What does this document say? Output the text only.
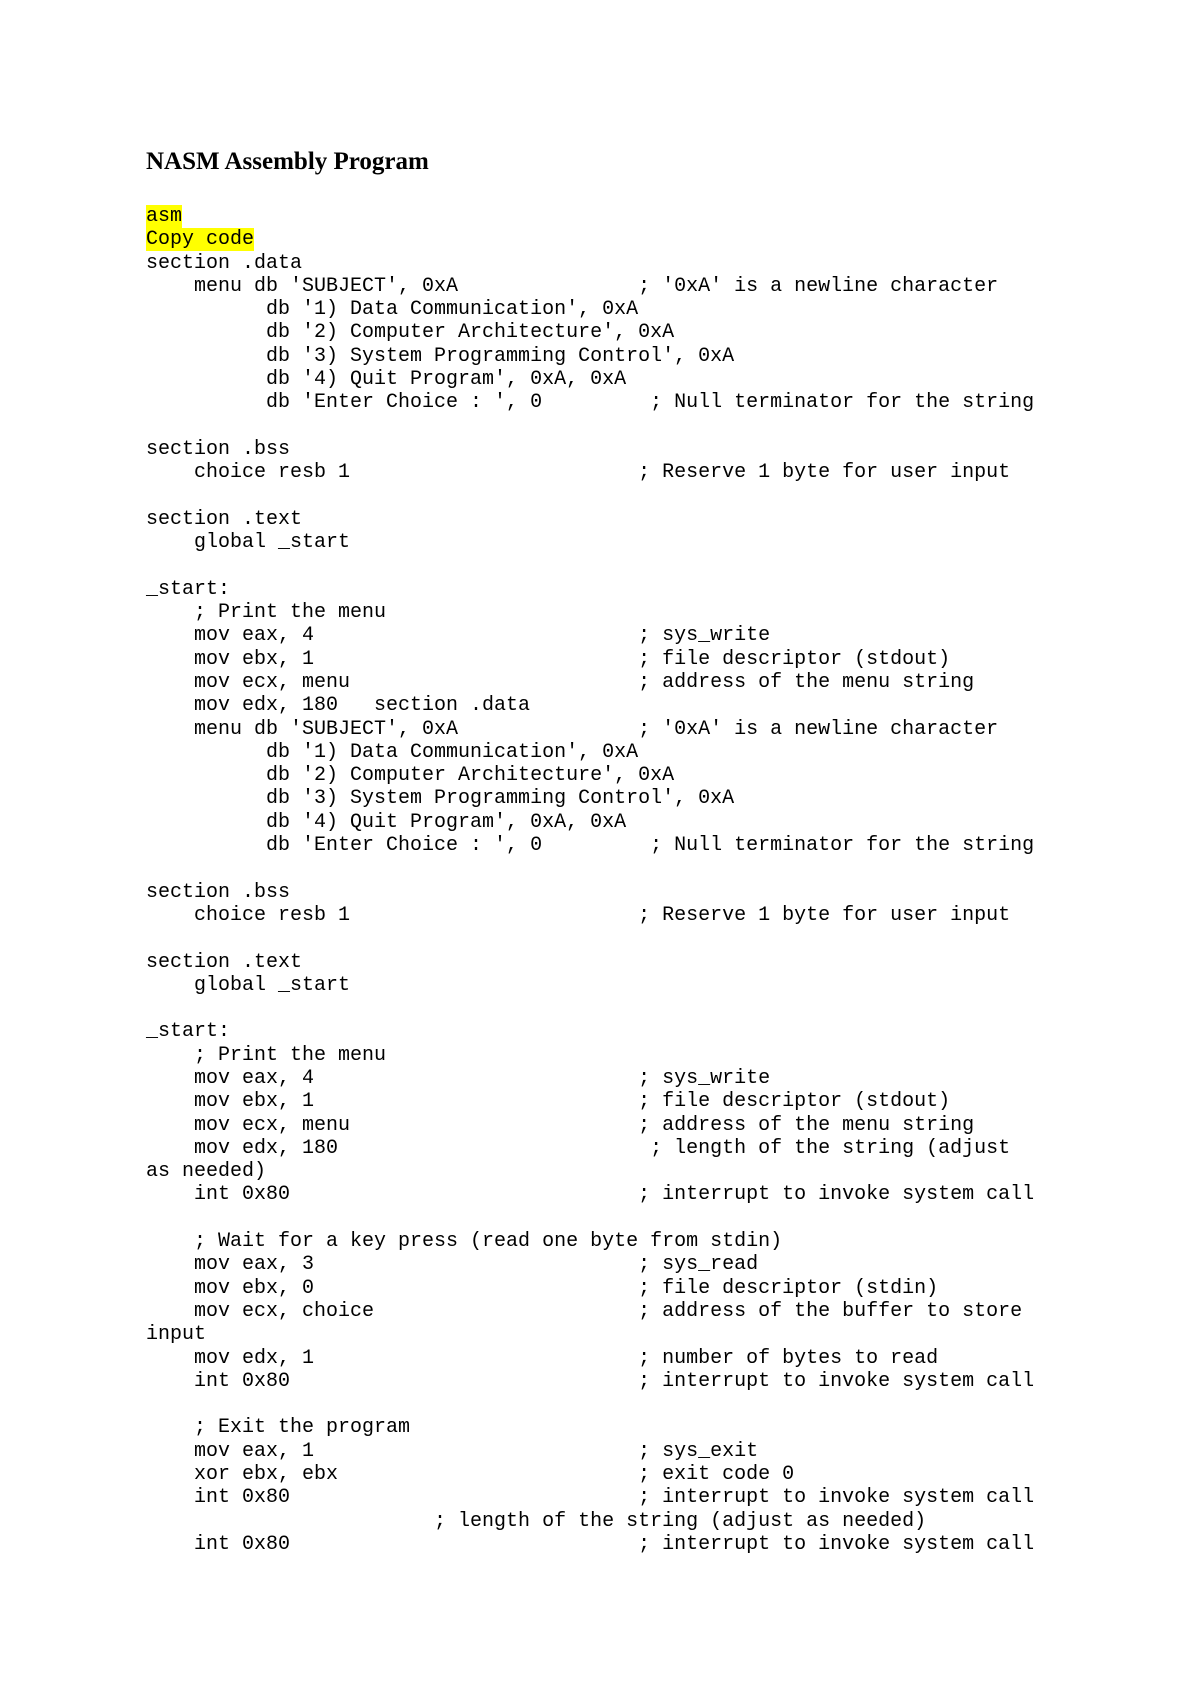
NASM Assembly Program
asm
Copy code
section .data
menu db 'SUBJECT', 0xA               ; '0xA' is a newline character
db '1) Data Communication', 0xA
db '2) Computer Architecture', 0xA
db '3) System Programming Control', 0xA
db '4) Quit Program', 0xA, 0xA
db 'Enter Choice : ', 0         ; Null terminator for the string
section .bss
choice resb 1                        ; Reserve 1 byte for user input
section .text
global _start
_start:
; Print the menu
mov eax, 4                           ; sys_write
mov ebx, 1                           ; file descriptor (stdout)
mov ecx, menu                        ; address of the menu string
mov edx, 180   section .data
menu db 'SUBJECT', 0xA               ; '0xA' is a newline character
db '1) Data Communication', 0xA
db '2) Computer Architecture', 0xA
db '3) System Programming Control', 0xA
db '4) Quit Program', 0xA, 0xA
db 'Enter Choice : ', 0         ; Null terminator for the string
section .bss
choice resb 1                        ; Reserve 1 byte for user input
section .text
global _start
_start:
; Print the menu
mov eax, 4                           ; sys_write
mov ebx, 1                           ; file descriptor (stdout)
mov ecx, menu                        ; address of the menu string
mov edx, 180                          ; length of the string (adjust
as needed)
int 0x80                             ; interrupt to invoke system call
; Wait for a key press (read one byte from stdin)
mov eax, 3                           ; sys_read
mov ebx, 0                           ; file descriptor (stdin)
mov ecx, choice                      ; address of the buffer to store
input
mov edx, 1                           ; number of bytes to read
int 0x80                             ; interrupt to invoke system call
; Exit the program
mov eax, 1                           ; sys_exit
xor ebx, ebx                         ; exit code 0
int 0x80                             ; interrupt to invoke system call
; length of the string (adjust as needed)
int 0x80                             ; interrupt to invoke system call
